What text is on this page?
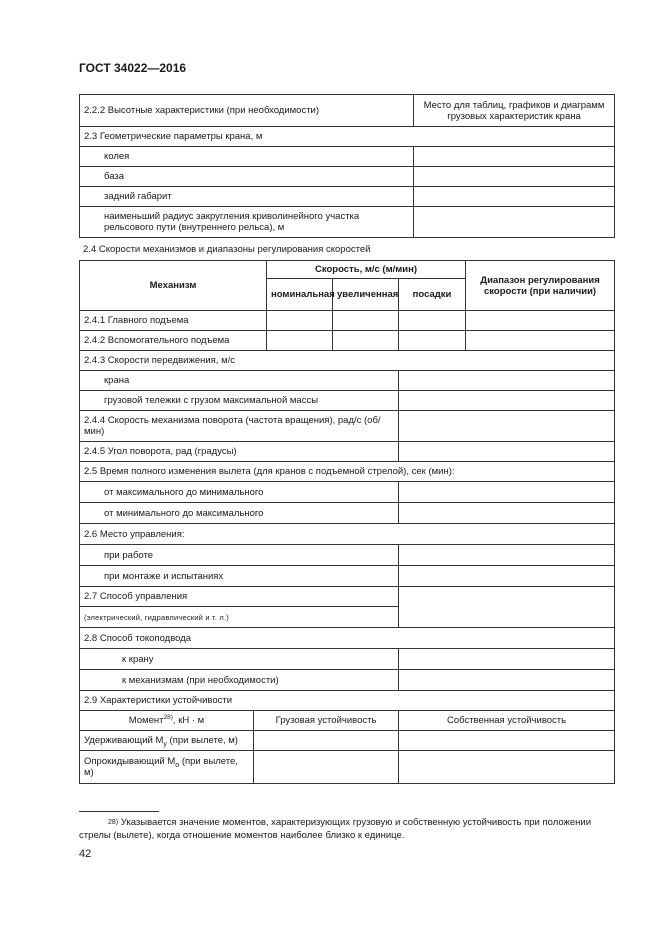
ГОСТ 34022—2016
2.2.2 Высотные характеристики (при необходимости)	Место для таблиц, графиков и диаграмм грузовых характеристик крана
2.3 Геометрические параметры крана, м	
колея	
база	
задний габарит	
наименьший радиус закругления криволинейного участка рельсового пути (внутреннего рельса), м	
2.4 Скорости механизмов и диапазоны регулирования скоростей
Механизм		Скорость, м/с (м/мин)			Диапазон регулирования скорости (при наличии)
		номинальная	увеличенная	посадки	
2.4.1 Главного подъема					
2.4.2 Вспомогательного подъема					
2.4.3 Скорости передвижения, м/с					
крана					
грузовой тележки с грузом максимальной массы					
2.4.4 Скорость механизма поворота (частота вращения), рад/с (об/мин)					
2.4.5 Угол поворота, рад (градусы)					
2.5 Время полного изменения вылета (для кранов с подъемной стрелой), сек (мин):					
от максимального до минимального					
от минимального до максимального					
2.6 Место управления:					
при работе					
при монтаже и испытаниях					
2.7 Способ управления					
(электрический, гидравлический и т. л.)					
2.8 Способ токоподвода					
к крану					
к механизмам (при необходимости)					
2.9 Характеристики устойчивости					
Момент$^{28)}$, кН · м	Грузовая устойчивость			Собственная устойчивость	
Удерживающий $М_у$ (при вылете, м)					
Опрокидывающий $М_о$ (при вылете, м)					
$^{28)}$ Указывается значение моментов, характеризующих грузовую и собственную устойчивость при положении стрелы (вылете), когда отношение моментов наиболее близко к единице.
42
